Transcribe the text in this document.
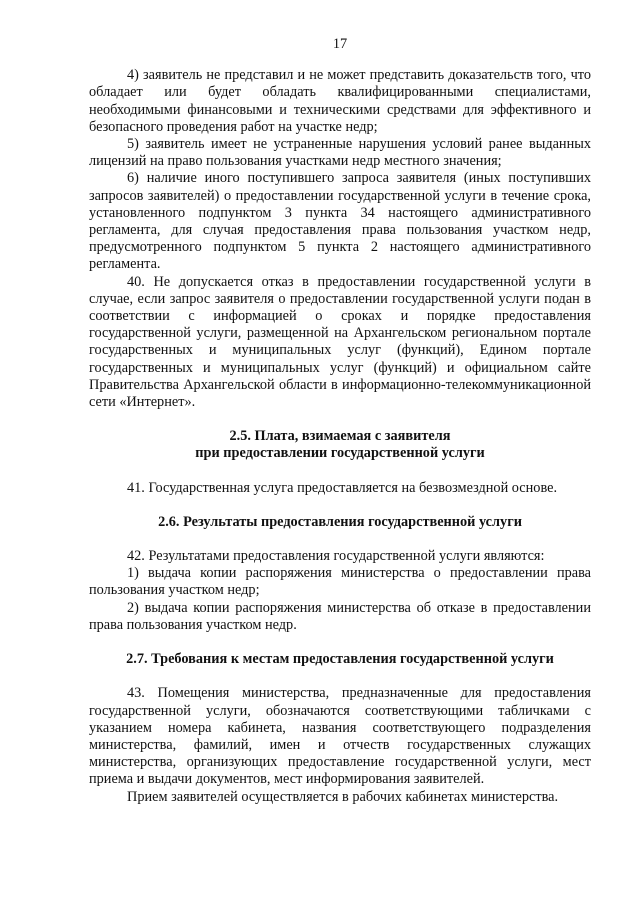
17

4) заявитель не представил и не может представить доказательств того, что обладает или будет обладать квалифицированными специалистами, необходимыми финансовыми и техническими средствами для эффективного и безопасного проведения работ на участке недр;

5) заявитель имеет не устраненные нарушения условий ранее выданных лицензий на право пользования участками недр местного значения;

6) наличие иного поступившего запроса заявителя (иных поступивших запросов заявителей) о предоставлении государственной услуги в течение срока, установленного подпунктом 3 пункта 34 настоящего административного регламента, для случая предоставления права пользования участком недр, предусмотренного подпунктом 5 пункта 2 настоящего административного регламента.

40. Не допускается отказ в предоставлении государственной услуги в случае, если запрос заявителя о предоставлении государственной услуги подан в соответствии с информацией о сроках и порядке предоставления государственной услуги, размещенной на Архангельском региональном портале государственных и муниципальных услуг (функций), Едином портале государственных и муниципальных услуг (функций) и официальном сайте Правительства Архангельской области в информационно-телекоммуникационной сети «Интернет».

2.5. Плата, взимаемая с заявителя
при предоставлении государственной услуги

41. Государственная услуга предоставляется на безвозмездной основе.

2.6. Результаты предоставления государственной услуги

42. Результатами предоставления государственной услуги являются:

1) выдача копии распоряжения министерства о предоставлении права пользования участком недр;

2) выдача копии распоряжения министерства об отказе в предоставлении права пользования участком недр.

2.7. Требования к местам предоставления государственной услуги

43. Помещения министерства, предназначенные для предоставления государственной услуги, обозначаются соответствующими табличками с указанием номера кабинета, названия соответствующего подразделения министерства, фамилий, имен и отчеств государственных служащих министерства, организующих предоставление государственной услуги, мест приема и выдачи документов, мест информирования заявителей.

Прием заявителей осуществляется в рабочих кабинетах министерства.
